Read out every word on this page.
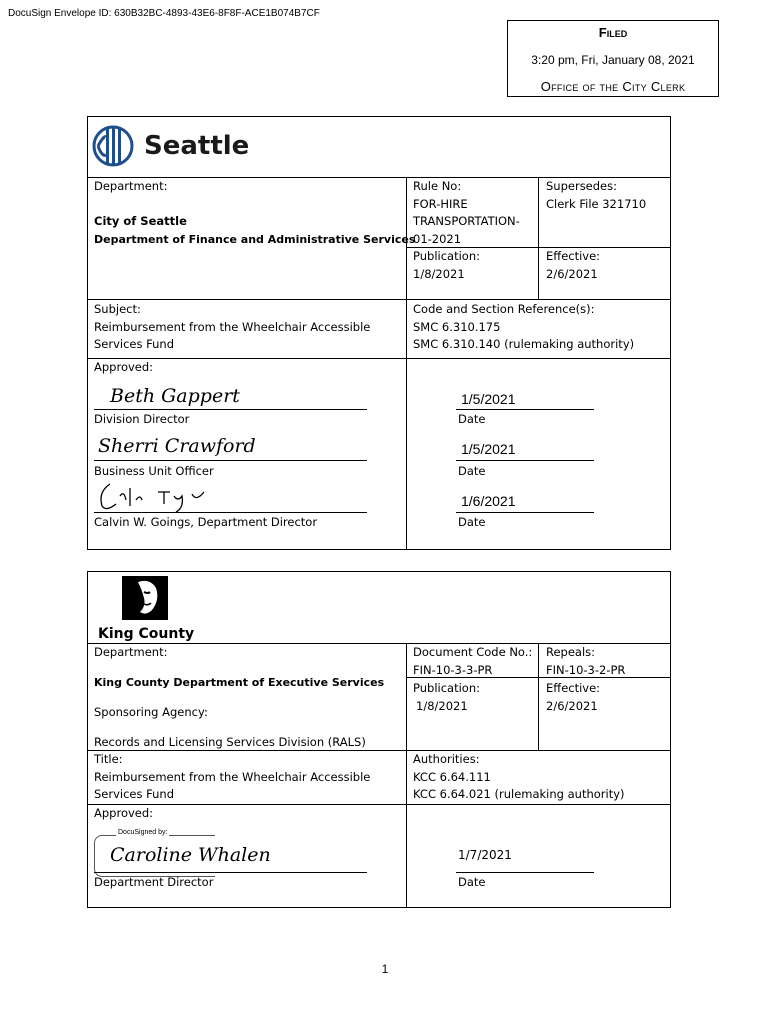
DocuSign Envelope ID: 630B32BC-4893-43E6-8F8F-ACE1B074B7CF
Filed
3:20 pm, Fri, January 08, 2021
Office of the City Clerk
Seattle
Department:
City of Seattle
Department of Finance and Administrative Services
Rule No:
FOR-HIRE
TRANSPORTATION-
01-2021
Supersedes:
Clerk File 321710
Publication:
1/8/2021
Effective:
2/6/2021
Subject:
Reimbursement from the Wheelchair Accessible
Services Fund
Code and Section Reference(s):
SMC 6.310.175
SMC 6.310.140 (rulemaking authority)
Approved:
Beth Gappert
Division Director
1/5/2021
Date
Sherri Crawford
Business Unit Officer
1/5/2021
Date
Calvin W. Goings, Department Director
1/6/2021
Date
King County
Department:
King County Department of Executive Services
Sponsoring Agency:
Records and Licensing Services Division (RALS)
Document Code No.:
FIN-10-3-3-PR
Repeals:
FIN-10-3-2-PR
Publication:
1/8/2021
Effective:
2/6/2021
Title:
Reimbursement from the Wheelchair Accessible
Services Fund
Authorities:
KCC 6.64.111
KCC 6.64.021 (rulemaking authority)
Approved:
DocuSigned by:
Caroline Whalen
Department Director
1/7/2021
Date
1
